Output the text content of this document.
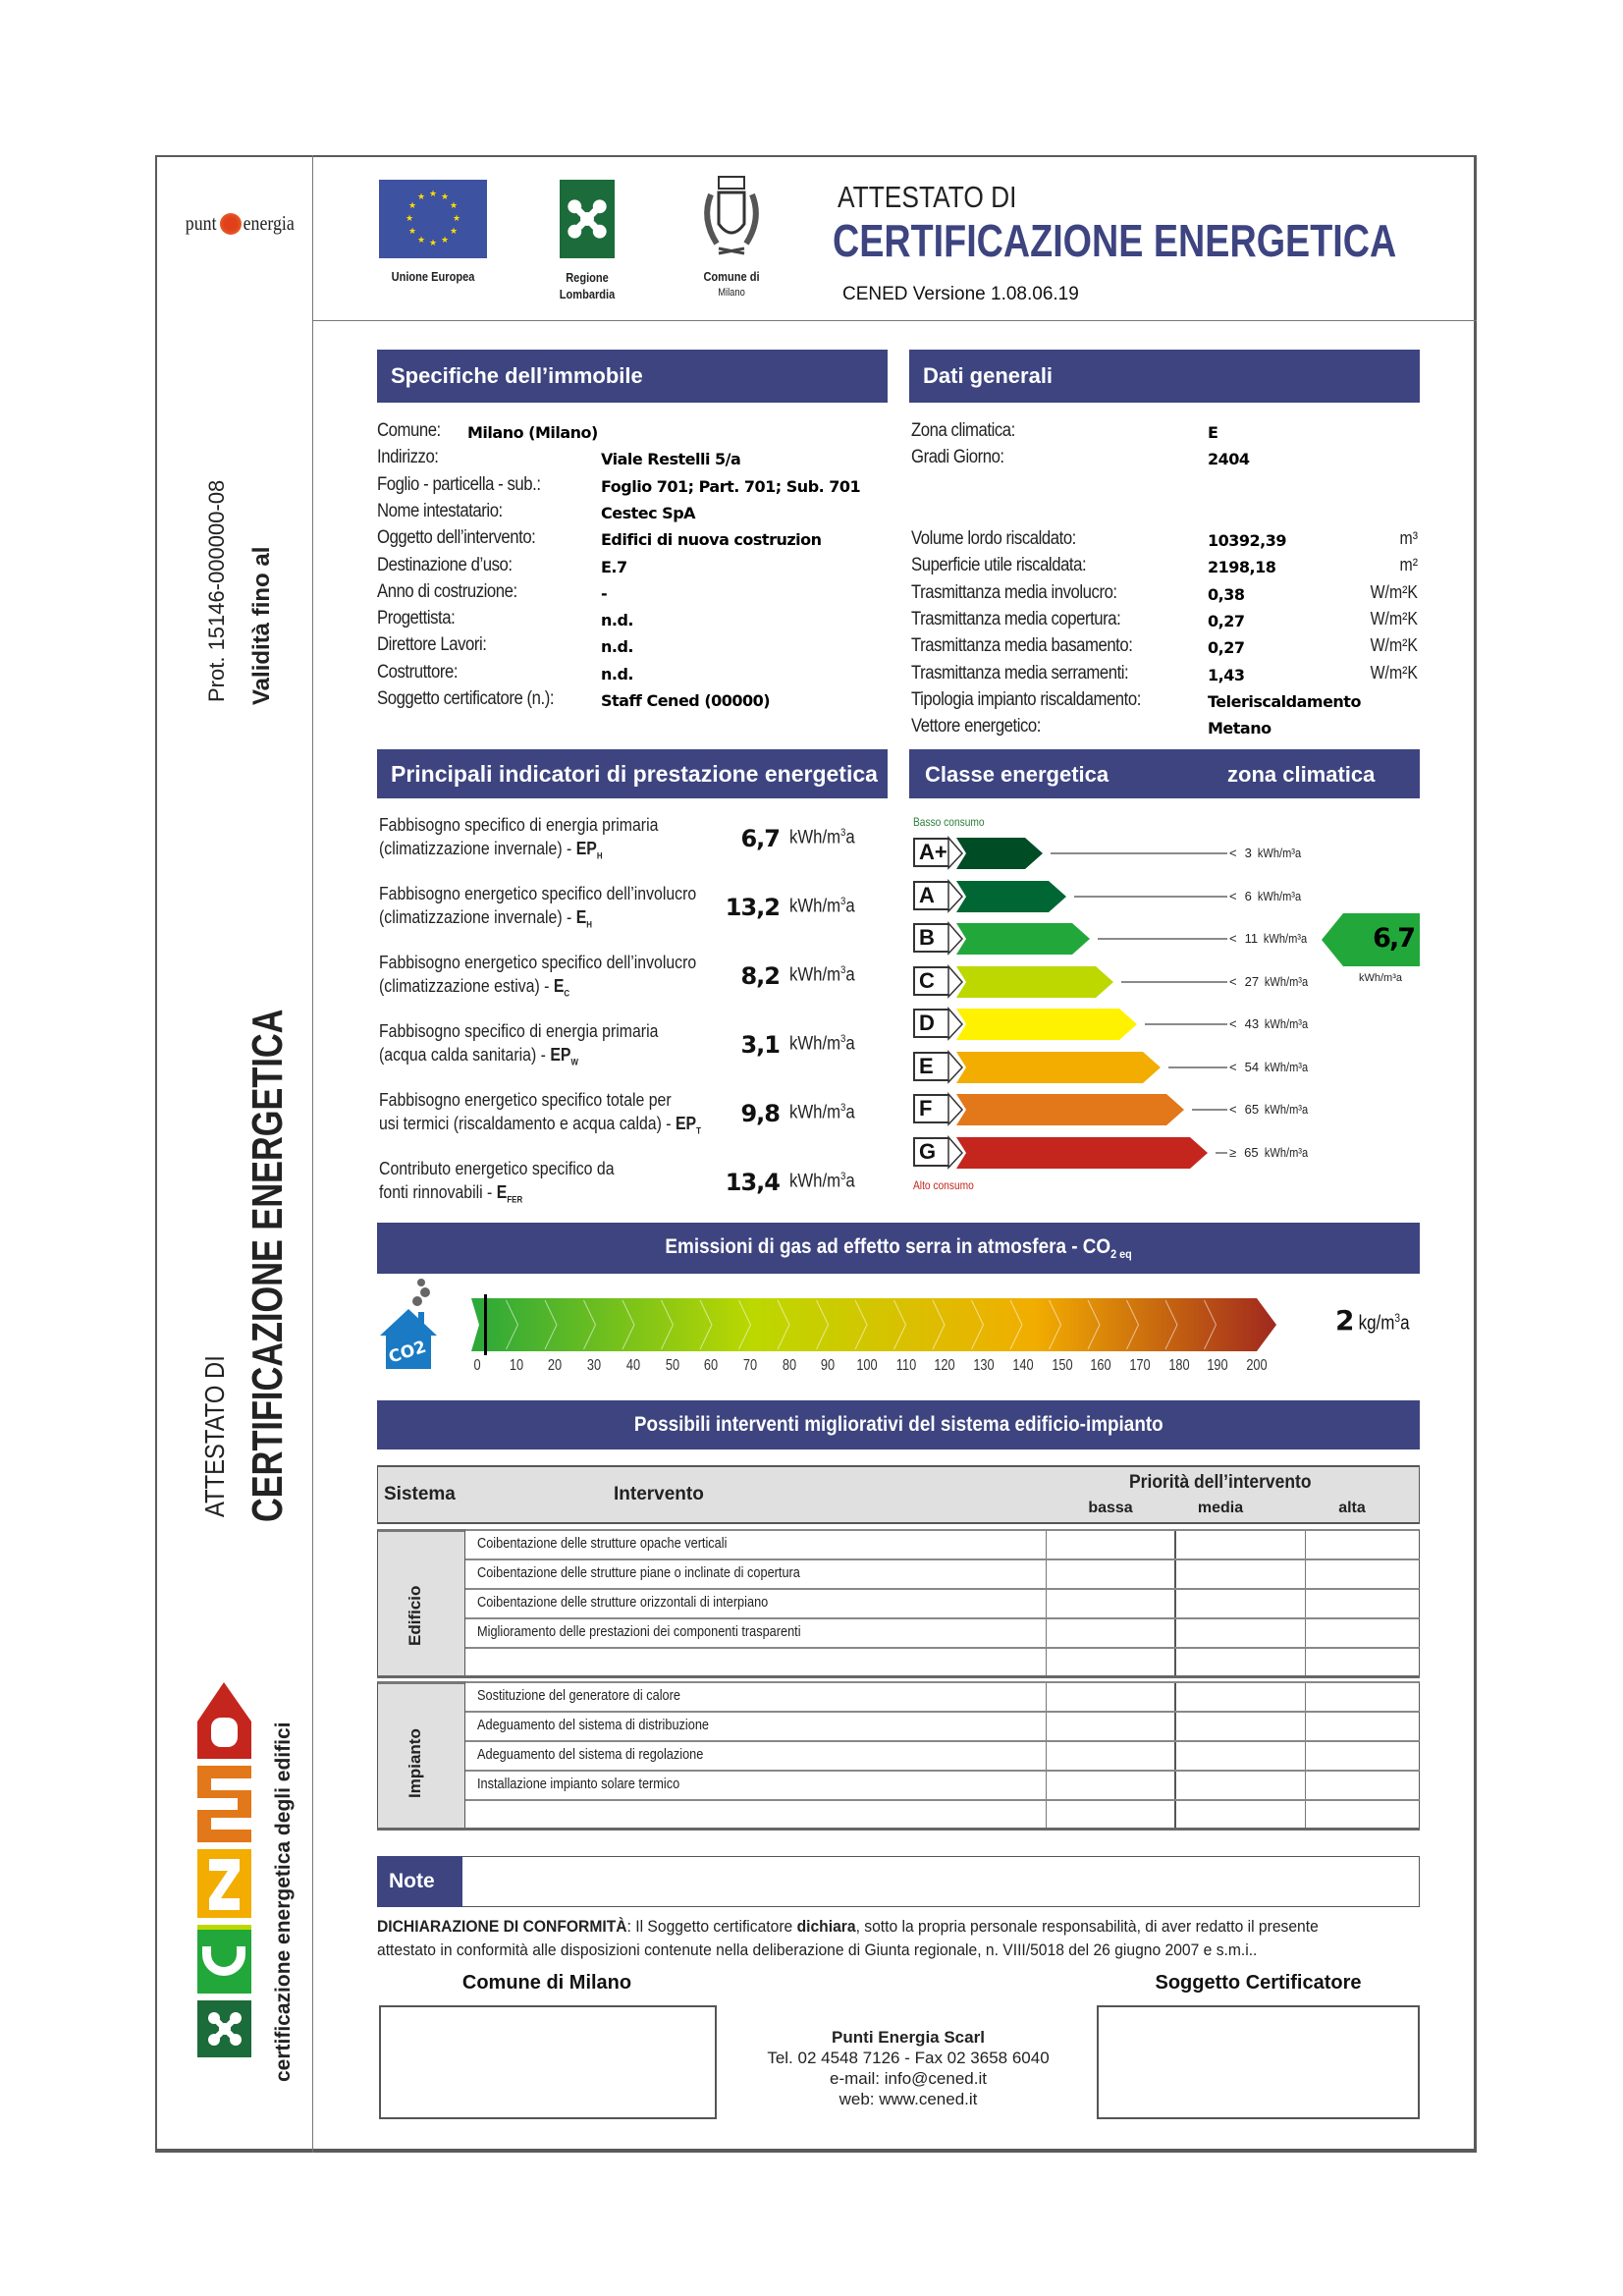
punt energia
Prot. 15146-000000-08 Validità fino al
ATTESTATO DI CERTIFICAZIONE ENERGETICA
certificazione energetica degli edifici
★ ★
★
★
★
★
★
★
★
★
★
★
Unione Europea	Regione
Lombardia
Comune di
Milano
ATTESTATO DI
CERTIFICAZIONE ENERGETICA
CENED Versione 1.08.06.19
Specifiche dell’immobile
Comune: Milano (Milano)
Indirizzo:	Viale Restelli 5/a
Foglio - particella - sub.:	Foglio 701; Part. 701; Sub. 701
Nome intestatario:	Cestec SpA
Oggetto dell’intervento:	Edifici di nuova costruzion
Destinazione d’uso:	E.7
Anno di costruzione:	-
Progettista:	n.d.
Direttore Lavori:	n.d.
Costruttore:	n.d.
Soggetto certificatore (n.):	Staff Cened (00000)
Dati generali
Zona climatica:	E
Gradi Giorno:	2404
Volume lordo riscaldato:	10392,39	m³
Superficie utile riscaldata:	2198,18	m²
Trasmittanza media involucro:	0,38	W/m²K
Trasmittanza media copertura:	0,27	W/m²K
Trasmittanza media basamento:	0,27	W/m²K
Trasmittanza media serramenti:	1,43	W/m²K
Tipologia impianto riscaldamento:	Teleriscaldamento
Vettore energetico:	Metano
Principali indicatori di prestazione energetica
Fabbisogno specifico di energia primaria
(climatizzazione invernale) - $EP_H$
6,7 kWh/$m^3a$
Fabbisogno energetico specifico dell’involucro
(climatizzazione invernale) - $E_H$
13,2 kWh/$m^3a$
Fabbisogno energetico specifico dell’involucro
(climatizzazione estiva) - $E_C$
8,2 kWh/$m^3a$
Fabbisogno specifico di energia primaria
(acqua calda sanitaria) - $EP_W$
3,1 kWh/$m^3a$
Fabbisogno energetico specifico totale per
usi termici (riscaldamento e acqua calda) - $EP_T$
9,8 kWh/$m^3a$
Contributo energetico specifico da
fonti rinnovabili - $E_{FER}$
13,4 kWh/$m^3a$
Classe energetica	zona climatica
Basso consumo
A+	< 3 kWh/m³a
A	< 6 kWh/m³a
B	< 11 kWh/m³a
C	< 27 kWh/m³a
D	< 43 kWh/m³a
E	< 54 kWh/m³a
F	< 65 kWh/m³a
G	≥ 65 kWh/m³a
Alto consumo
6,7
kWh/m³a
Emissioni di gas ad effetto serra in atmosfera - $CO_{2 eq}$
CO2	0	10	20	30	40	50	60	70	80	90	100	110	120	130	140	150	160	170	180	190	200
2 $kg/m^3a$
Possibili interventi migliorativi del sistema edificio-impianto
Sistema	Intervento
Priorità dell’intervento
bassa	media	alta
Edificio
Coibentazione delle strutture opache verticali
Coibentazione delle strutture piane o inclinate di copertura
Coibentazione delle strutture orizzontali di interpiano
Miglioramento delle prestazioni dei componenti trasparenti
Impianto
Sostituzione del generatore di calore
Adeguamento del sistema di distribuzione
Adeguamento del sistema di regolazione
Installazione impianto solare termico
Note
DICHIARAZIONE DI CONFORMITÀ: Il Soggetto certificatore dichiara, sotto la propria personale responsabilità, di aver redatto il presente
attestato in conformità alle disposizioni contenute nella deliberazione di Giunta regionale, n. VIII/5018 del 26 giugno 2007 e s.m.i..
Comune di Milano	Soggetto Certificatore
Punti Energia Scarl
Tel. 02 4548 7126 - Fax 02 3658 6040
e-mail: info@cened.it
web: www.cened.it
